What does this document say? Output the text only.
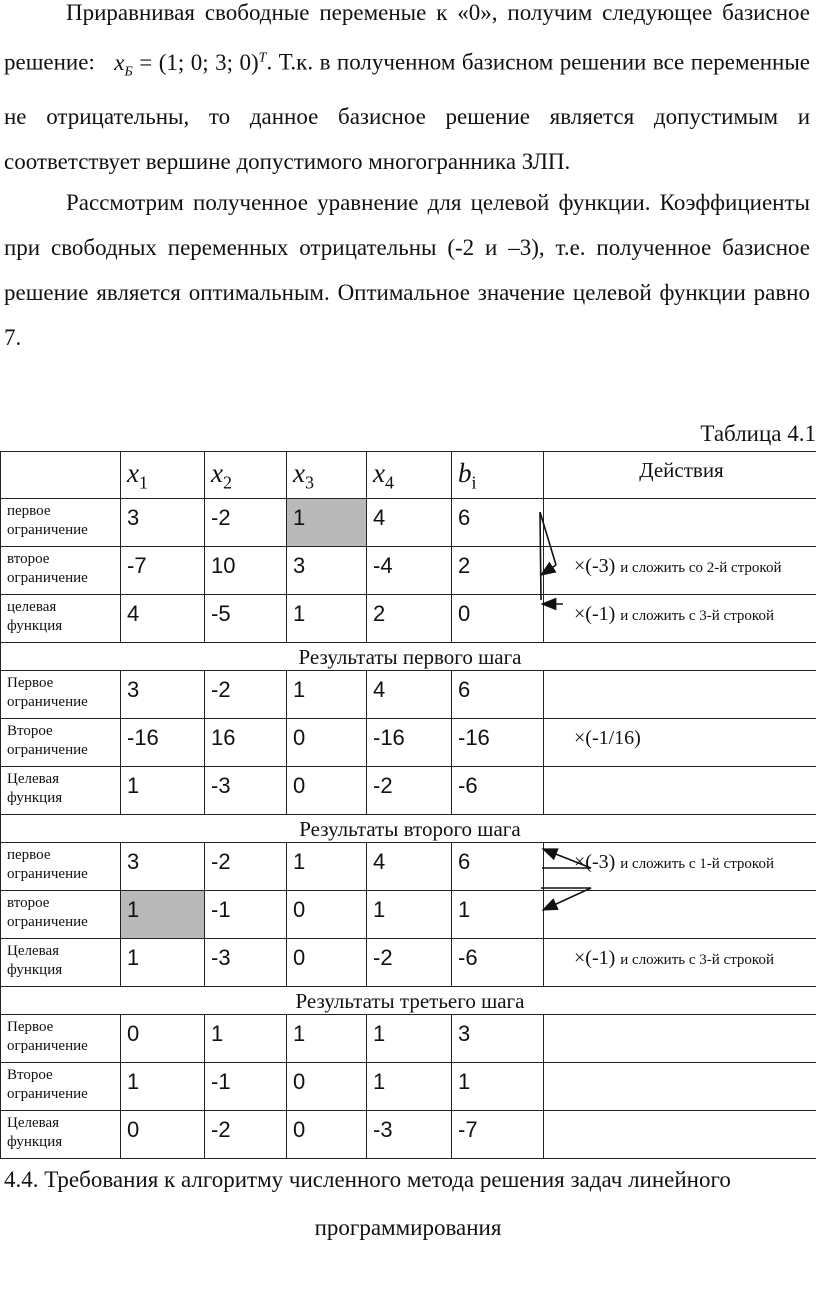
Приравнивая свободные переменые к «0», получим следующее базисное решение: $x_Б = (1$; 0; 3; 0)$^T$. Т.к. в полученном базисном решении все переменные не отрицательны, то данное базисное решение является допустимым и соответствует вершине допустимого многогранника ЗЛП.

Рассмотрим полученное уравнение для целевой функции. Коэффициенты при свободных переменных отрицательны (-2 и –3), т.е. полученное базисное решение является оптимальным. Оптимальное значение целевой функции равно 7.

Таблица 4.1
	$x_1$	$x_2$	$x_3$	$x_4$	$b_i$	Действия
первое ограничение	3	-2	1	4	6	
второе ограничение	-7	10	3	-4	2	×(-3) и сложить со 2-й строкой
целевая функция	4	-5	1	2	0	×(-1) и сложить с 3-й строкой
Результаты первого шага						
Первое ограничение	3	-2	1	4	6	
Второе ограничение	-16	16	0	-16	-16	×(-1/16)
Целевая функция	1	-3	0	-2	-6	
Результаты второго шага						
первое ограничение	3	-2	1	4	6	×(-3) и сложить с 1-й строкой
второе ограничение	1	-1	0	1	1	
Целевая функция	1	-3	0	-2	-6	×(-1) и сложить с 3-й строкой
Результаты третьего шага						
Первое ограничение	0	1	1	1	3	
Второе ограничение	1	-1	0	1	1	
Целевая функция	0	-2	0	-3	-7	
4.4. Требования к алгоритму численного метода решения задач линейного
программирования
